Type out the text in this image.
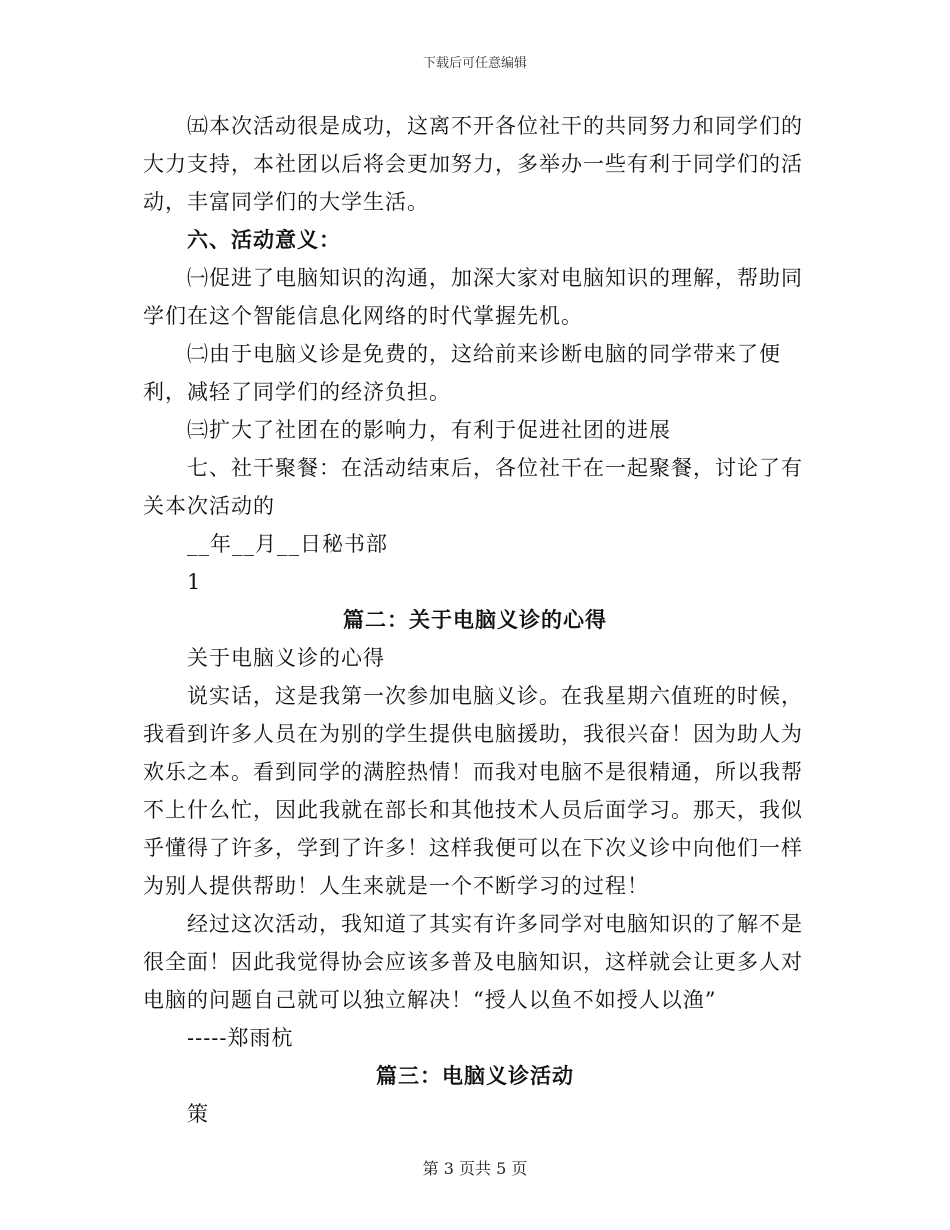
下载后可任意编辑

㈤本次活动很是成功，这离不开各位社干的共同努力和同学们的大力支持，本社团以后将会更加努力，多举办一些有利于同学们的活动，丰富同学们的大学生活。

六、活动意义：

㈠促进了电脑知识的沟通，加深大家对电脑知识的理解，帮助同学们在这个智能信息化网络的时代掌握先机。

㈡由于电脑义诊是免费的，这给前来诊断电脑的同学带来了便利，减轻了同学们的经济负担。

㈢扩大了社团在的影响力，有利于促进社团的进展

七、社干聚餐：在活动结束后，各位社干在一起聚餐，讨论了有关本次活动的

__年__月__日秘书部

1

篇二：关于电脑义诊的心得

关于电脑义诊的心得

说实话，这是我第一次参加电脑义诊。在我星期六值班的时候，我看到许多人员在为别的学生提供电脑援助，我很兴奋！因为助人为欢乐之本。看到同学的满腔热情！而我对电脑不是很精通，所以我帮不上什么忙，因此我就在部长和其他技术人员后面学习。那天，我似乎懂得了许多，学到了许多！这样我便可以在下次义诊中向他们一样为别人提供帮助！人生来就是一个不断学习的过程！

经过这次活动，我知道了其实有许多同学对电脑知识的了解不是很全面！因此我觉得协会应该多普及电脑知识，这样就会让更多人对电脑的问题自己就可以独立解决！“授人以鱼不如授人以渔”

-----郑雨杭

篇三：电脑义诊活动

策

第 3 页共 5 页
